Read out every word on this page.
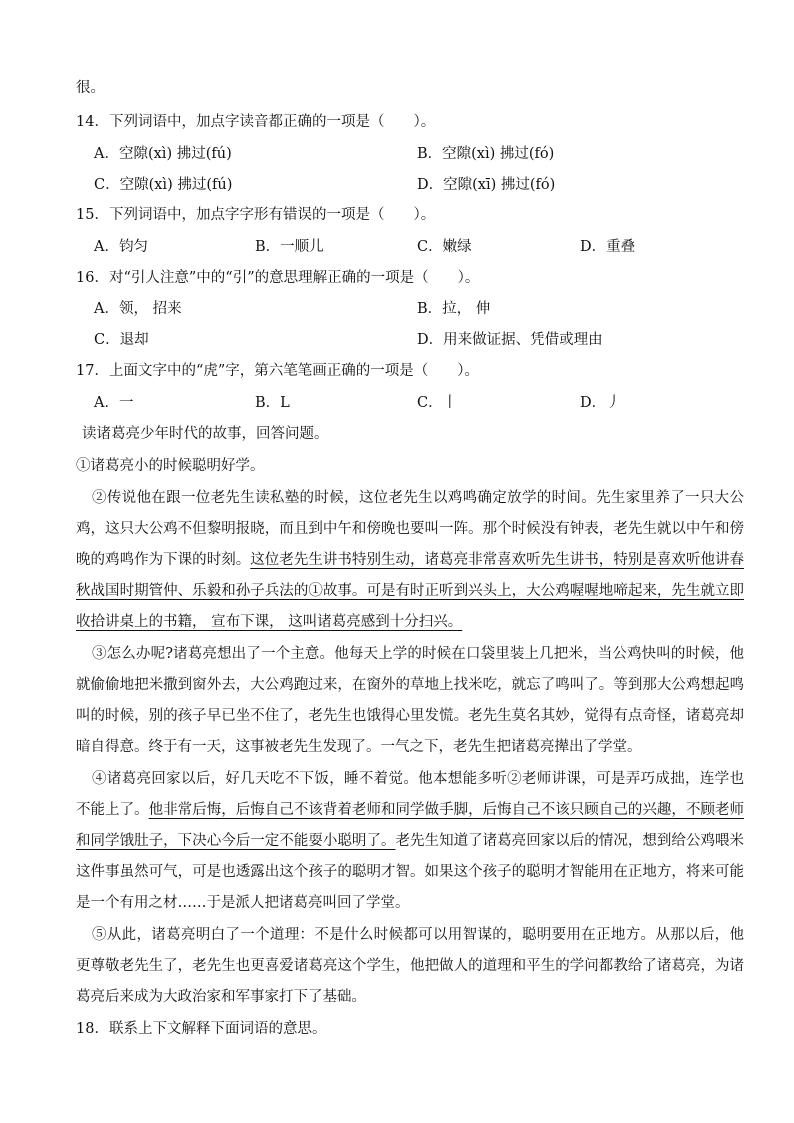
很。
14．下列词语中，加点字读音都正确的一项是（　　）。
A．空隙(xì) 拂过(fú)	B．空隙(xì) 拂过(fó)
C．空隙(xì) 拂过(fú)	D．空隙(xī) 拂过(fó)
15．下列词语中，加点字字形有错误的一项是（　　）。
A．钧匀	B．一顺儿	C．嫩绿	D．重叠
16．对“引人注意”中的“引”的意思理解正确的一项是（　　）。
A．领， 招来	B．拉， 伸
C．退却	D．用来做证据、凭借或理由
17．上面文字中的“虎”字，第六笔笔画正确的一项是（　　）。
A．一	B．L	C．丨	D．丿
读诸葛亮少年时代的故事，回答问题。
①诸葛亮小的时候聪明好学。
②传说他在跟一位老先生读私塾的时候，这位老先生以鸡鸣确定放学的时间。先生家里养了一只大公鸡，这只大公鸡不但黎明报晓，而且到中午和傍晚也要叫一阵。那个时候没有钟表，老先生就以中午和傍晚的鸡鸣作为下课的时刻。这位老先生讲书特别生动，诸葛亮非常喜欢听先生讲书，特别是喜欢听他讲春秋战国时期管仲、乐毅和孙子兵法的①故事。可是有时正听到兴头上，大公鸡喔喔地啼起来，先生就立即收拾讲桌上的书籍， 宣布下课， 这叫诸葛亮感到十分扫兴。
③怎么办呢?诸葛亮想出了一个主意。他每天上学的时候在口袋里装上几把米，当公鸡快叫的时候，他就偷偷地把米撒到窗外去，大公鸡跑过来，在窗外的草地上找米吃，就忘了鸣叫了。等到那大公鸡想起鸣叫的时候，别的孩子早已坐不住了，老先生也饿得心里发慌。老先生莫名其妙，觉得有点奇怪，诸葛亮却暗自得意。终于有一天，这事被老先生发现了。一气之下，老先生把诸葛亮撵出了学堂。
④诸葛亮回家以后，好几天吃不下饭，睡不着觉。他本想能多听②老师讲课，可是弄巧成拙，连学也不能上了。他非常后悔，后悔自己不该背着老师和同学做手脚，后悔自己不该只顾自己的兴趣，不顾老师和同学饿肚子，下决心今后一定不能耍小聪明了。老先生知道了诸葛亮回家以后的情况，想到给公鸡喂米这件事虽然可气，可是也透露出这个孩子的聪明才智。如果这个孩子的聪明才智能用在正地方，将来可能是一个有用之材……于是派人把诸葛亮叫回了学堂。
⑤从此，诸葛亮明白了一个道理：不是什么时候都可以用智谋的，聪明要用在正地方。从那以后，他更尊敬老先生了，老先生也更喜爱诸葛亮这个学生，他把做人的道理和平生的学问都教给了诸葛亮，为诸葛亮后来成为大政治家和军事家打下了基础。
18．联系上下文解释下面词语的意思。
